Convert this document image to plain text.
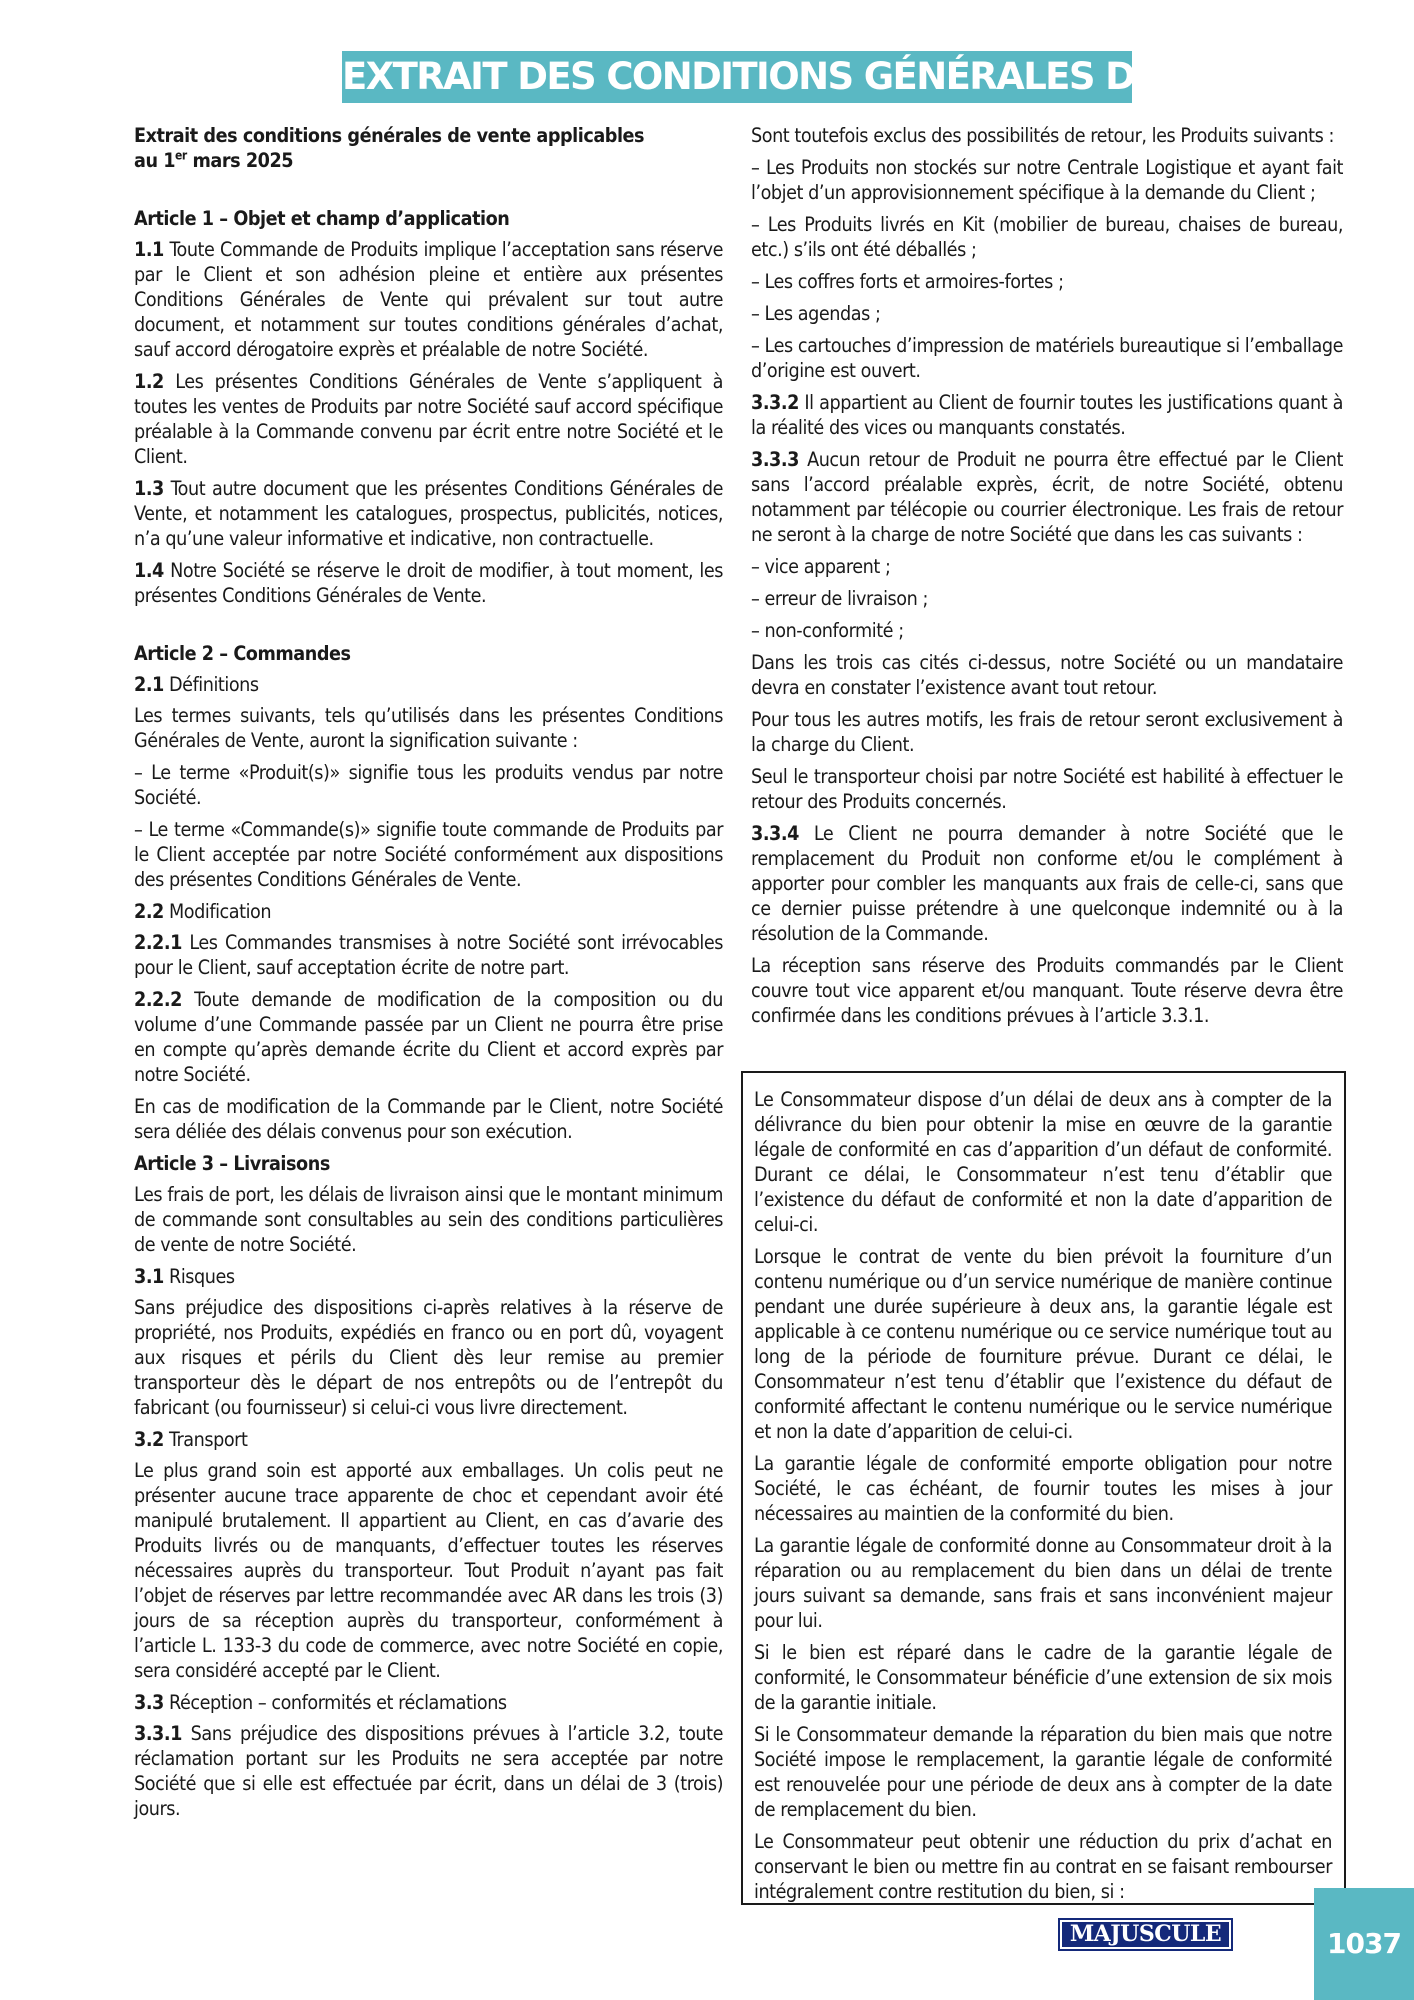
EXTRAIT DES CONDITIONS GÉNÉRALES DE VENTE

Extrait des conditions générales de vente applicables
au 1er mars 2025

Article 1 – Objet et champ d’application

1.1 Toute Commande de Produits implique l’acceptation sans réserve par le Client et son adhésion pleine et entière aux présentes Conditions Générales de Vente qui prévalent sur tout autre document, et notamment sur toutes conditions générales d’achat, sauf accord dérogatoire exprès et préalable de notre Société.

1.2 Les présentes Conditions Générales de Vente s’appliquent à toutes les ventes de Produits par notre Société sauf accord spécifique préalable à la Commande convenu par écrit entre notre Société et le Client.

1.3 Tout autre document que les présentes Conditions Générales de Vente, et notamment les catalogues, prospectus, publicités, notices, n’a qu’une valeur informative et indicative, non contractuelle.

1.4 Notre Société se réserve le droit de modifier, à tout moment, les présentes Conditions Générales de Vente.

Article 2 – Commandes

2.1 Définitions

Les termes suivants, tels qu’utilisés dans les présentes Conditions Générales de Vente, auront la signification suivante :

– Le terme «Produit(s)» signifie tous les produits vendus par notre Société.

– Le terme «Commande(s)» signifie toute commande de Produits par le Client acceptée par notre Société conformément aux dispositions des présentes Conditions Générales de Vente.

2.2 Modification

2.2.1 Les Commandes transmises à notre Société sont irrévocables pour le Client, sauf acceptation écrite de notre part.

2.2.2 Toute demande de modification de la composition ou du volume d’une Commande passée par un Client ne pourra être prise en compte qu’après demande écrite du Client et accord exprès par notre Société.

En cas de modification de la Commande par le Client, notre Société sera déliée des délais convenus pour son exécution.

Article 3 – Livraisons

Les frais de port, les délais de livraison ainsi que le montant minimum de commande sont consultables au sein des conditions particulières de vente de notre Société.

3.1 Risques

Sans préjudice des dispositions ci-après relatives à la réserve de propriété, nos Produits, expédiés en franco ou en port dû, voyagent aux risques et périls du Client dès leur remise au premier transporteur dès le départ de nos entrepôts ou de l’entrepôt du fabricant (ou fournisseur) si celui-ci vous livre directement.

3.2 Transport

Le plus grand soin est apporté aux emballages. Un colis peut ne présenter aucune trace apparente de choc et cependant avoir été manipulé brutalement. Il appartient au Client, en cas d’avarie des Produits livrés ou de manquants, d’effectuer toutes les réserves nécessaires auprès du transporteur. Tout Produit n’ayant pas fait l’objet de réserves par lettre recommandée avec AR dans les trois (3) jours de sa réception auprès du transporteur, conformément à l’article L. 133-3 du code de commerce, avec notre Société en copie, sera considéré accepté par le Client.

3.3 Réception – conformités et réclamations

3.3.1 Sans préjudice des dispositions prévues à l’article 3.2, toute réclamation portant sur les Produits ne sera acceptée par notre Société que si elle est effectuée par écrit, dans un délai de 3 (trois) jours.

Sont toutefois exclus des possibilités de retour, les Produits suivants :

– Les Produits non stockés sur notre Centrale Logistique et ayant fait l’objet d’un approvisionnement spécifique à la demande du Client ;

– Les Produits livrés en Kit (mobilier de bureau, chaises de bureau, etc.) s’ils ont été déballés ;

– Les coffres forts et armoires-fortes ;

– Les agendas ;

– Les cartouches d’impression de matériels bureautique si l’emballage d’origine est ouvert.

3.3.2 Il appartient au Client de fournir toutes les justifications quant à la réalité des vices ou manquants constatés.

3.3.3 Aucun retour de Produit ne pourra être effectué par le Client sans l’accord préalable exprès, écrit, de notre Société, obtenu notamment par télécopie ou courrier électronique. Les frais de retour ne seront à la charge de notre Société que dans les cas suivants :

– vice apparent ;

– erreur de livraison ;

– non-conformité ;

Dans les trois cas cités ci-dessus, notre Société ou un mandataire devra en constater l’existence avant tout retour.

Pour tous les autres motifs, les frais de retour seront exclusivement à la charge du Client.

Seul le transporteur choisi par notre Société est habilité à effectuer le retour des Produits concernés.

3.3.4 Le Client ne pourra demander à notre Société que le remplacement du Produit non conforme et/ou le complément à apporter pour combler les manquants aux frais de celle-ci, sans que ce dernier puisse prétendre à une quelconque indemnité ou à la résolution de la Commande.

La réception sans réserve des Produits commandés par le Client couvre tout vice apparent et/ou manquant. Toute réserve devra être confirmée dans les conditions prévues à l’article 3.3.1.

Le Consommateur dispose d’un délai de deux ans à compter de la délivrance du bien pour obtenir la mise en œuvre de la garantie légale de conformité en cas d’apparition d’un défaut de conformité. Durant ce délai, le Consommateur n’est tenu d’établir que l’existence du défaut de conformité et non la date d’apparition de celui-ci.

Lorsque le contrat de vente du bien prévoit la fourniture d’un contenu numérique ou d’un service numérique de manière continue pendant une durée supérieure à deux ans, la garantie légale est applicable à ce contenu numérique ou ce service numérique tout au long de la période de fourniture prévue. Durant ce délai, le Consommateur n’est tenu d’établir que l’existence du défaut de conformité affectant le contenu numérique ou le service numérique et non la date d’apparition de celui-ci.

La garantie légale de conformité emporte obligation pour notre Société, le cas échéant, de fournir toutes les mises à jour nécessaires au maintien de la conformité du bien.

La garantie légale de conformité donne au Consommateur droit à la réparation ou au remplacement du bien dans un délai de trente jours suivant sa demande, sans frais et sans inconvénient majeur pour lui.

Si le bien est réparé dans le cadre de la garantie légale de conformité, le Consommateur bénéficie d’une extension de six mois de la garantie initiale.

Si le Consommateur demande la réparation du bien mais que notre Société impose le remplacement, la garantie légale de conformité est renouvelée pour une période de deux ans à compter de la date de remplacement du bien.

Le Consommateur peut obtenir une réduction du prix d’achat en conservant le bien ou mettre fin au contrat en se faisant rembourser intégralement contre restitution du bien, si :

MAJUSCULE	1037
